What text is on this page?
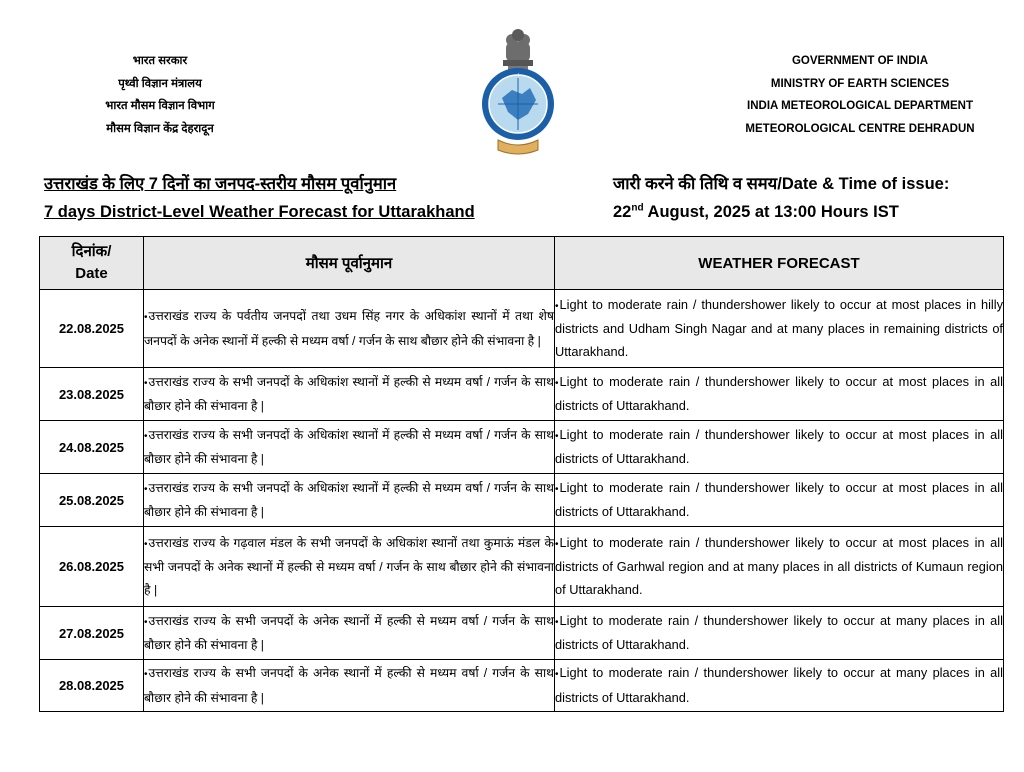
भारत सरकार
पृथ्वी विज्ञान मंत्रालय
भारत मौसम विज्ञान विभाग
मौसम विज्ञान केंद्र देहरादून
।
GOVERNMENT OF INDIA
MINISTRY OF EARTH SCIENCES
INDIA METEOROLOGICAL DEPARTMENT
METEOROLOGICAL CENTRE DEHRADUN
उत्तराखंड के लिए 7 दिनों का जनपद-स्तरीय मौसम पूर्वानुमान
7 days District-Level Weather Forecast for Uttarakhand
जारी करने की तिथि व समय/Date & Time of issue:
22nd August, 2025 at 13:00 Hours IST
दिनांक/
Date	मौसम पूर्वानुमान	WEATHER FORECAST
22.08.2025	•उत्तराखंड राज्य के पर्वतीय जनपदों तथा उधम सिंह नगर के अधिकांश स्थानों में तथा शेष जनपदों के अनेक स्थानों में हल्की से मध्यम वर्षा / गर्जन के साथ बौछार होने की संभावना है |	•Light to moderate rain / thundershower likely to occur at most places in hilly districts and Udham Singh Nagar and at many places in remaining districts of Uttarakhand.
23.08.2025	•उत्तराखंड राज्य के सभी जनपदों के अधिकांश स्थानों में हल्की से मध्यम वर्षा / गर्जन के साथ बौछार होने की संभावना है |	•Light to moderate rain / thundershower likely to occur at most places in all districts of Uttarakhand.
24.08.2025	•उत्तराखंड राज्य के सभी जनपदों के अधिकांश स्थानों में हल्की से मध्यम वर्षा / गर्जन के साथ बौछार होने की संभावना है |	•Light to moderate rain / thundershower likely to occur at most places in all districts of Uttarakhand.
25.08.2025	•उत्तराखंड राज्य के सभी जनपदों के अधिकांश स्थानों में हल्की से मध्यम वर्षा / गर्जन के साथ बौछार होने की संभावना है |	•Light to moderate rain / thundershower likely to occur at most places in all districts of Uttarakhand.
26.08.2025	•उत्तराखंड राज्य के गढ़वाल मंडल के सभी जनपदों के अधिकांश स्थानों तथा कुमाऊं मंडल के सभी जनपदों के अनेक स्थानों में हल्की से मध्यम वर्षा / गर्जन के साथ बौछार होने की संभावना है |	•Light to moderate rain / thundershower likely to occur at most places in all districts of Garhwal region and at many places in all districts of Kumaun region of Uttarakhand.
27.08.2025	•उत्तराखंड राज्य के सभी जनपदों के अनेक स्थानों में हल्की से मध्यम वर्षा / गर्जन के साथ बौछार होने की संभावना है |	•Light to moderate rain / thundershower likely to occur at many places in all districts of Uttarakhand.
28.08.2025	•उत्तराखंड राज्य के सभी जनपदों के अनेक स्थानों में हल्की से मध्यम वर्षा / गर्जन के साथ बौछार होने की संभावना है |	•Light to moderate rain / thundershower likely to occur at many places in all districts of Uttarakhand.
